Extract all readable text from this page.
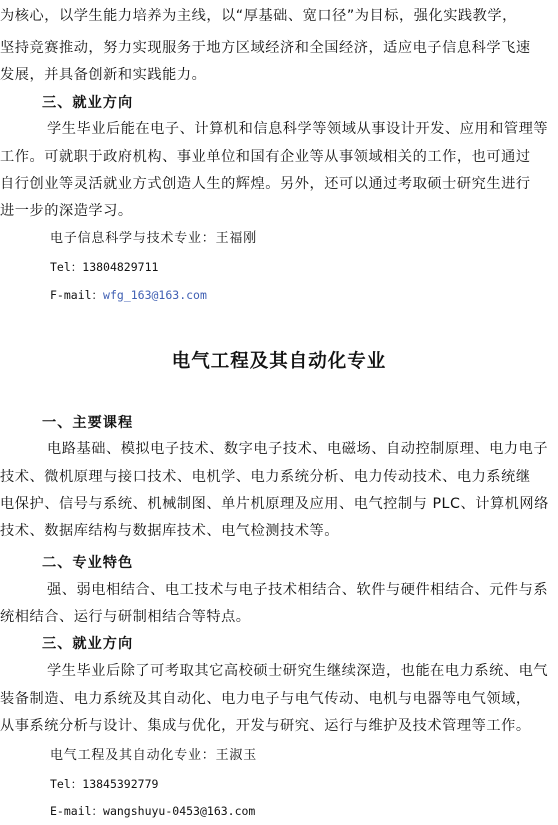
为核心，以学生能力培养为主线，以“厚基础、宽口径”为目标，强化实践教学，
坚持竞赛推动，努力实现服务于地方区域经济和全国经济，适应电子信息科学飞速
发展，并具备创新和实践能力。
三、就业方向
学生毕业后能在电子、计算机和信息科学等领域从事设计开发、应用和管理等
工作。可就职于政府机构、事业单位和国有企业等从事领域相关的工作，也可通过
自行创业等灵活就业方式创造人生的辉煌。另外，还可以通过考取硕士研究生进行
进一步的深造学习。
电子信息科学与技术专业：王福刚
Tel：13804829711
F-mail：wfg_163@163.com
电气工程及其自动化专业
一、主要课程
电路基础、模拟电子技术、数字电子技术、电磁场、自动控制原理、电力电子
技术、微机原理与接口技术、电机学、电力系统分析、电力传动技术、电力系统继
电保护、信号与系统、机械制图、单片机原理及应用、电气控制与 PLC、计算机网络
技术、数据库结构与数据库技术、电气检测技术等。
二、专业特色
强、弱电相结合、电工技术与电子技术相结合、软件与硬件相结合、元件与系
统相结合、运行与研制相结合等特点。
三、就业方向
学生毕业后除了可考取其它高校硕士研究生继续深造，也能在电力系统、电气
装备制造、电力系统及其自动化、电力电子与电气传动、电机与电器等电气领域，
从事系统分析与设计、集成与优化，开发与研究、运行与维护及技术管理等工作。
电气工程及其自动化专业：王淑玉
Tel：13845392779
E-mail：wangshuyu-0453@163.com
